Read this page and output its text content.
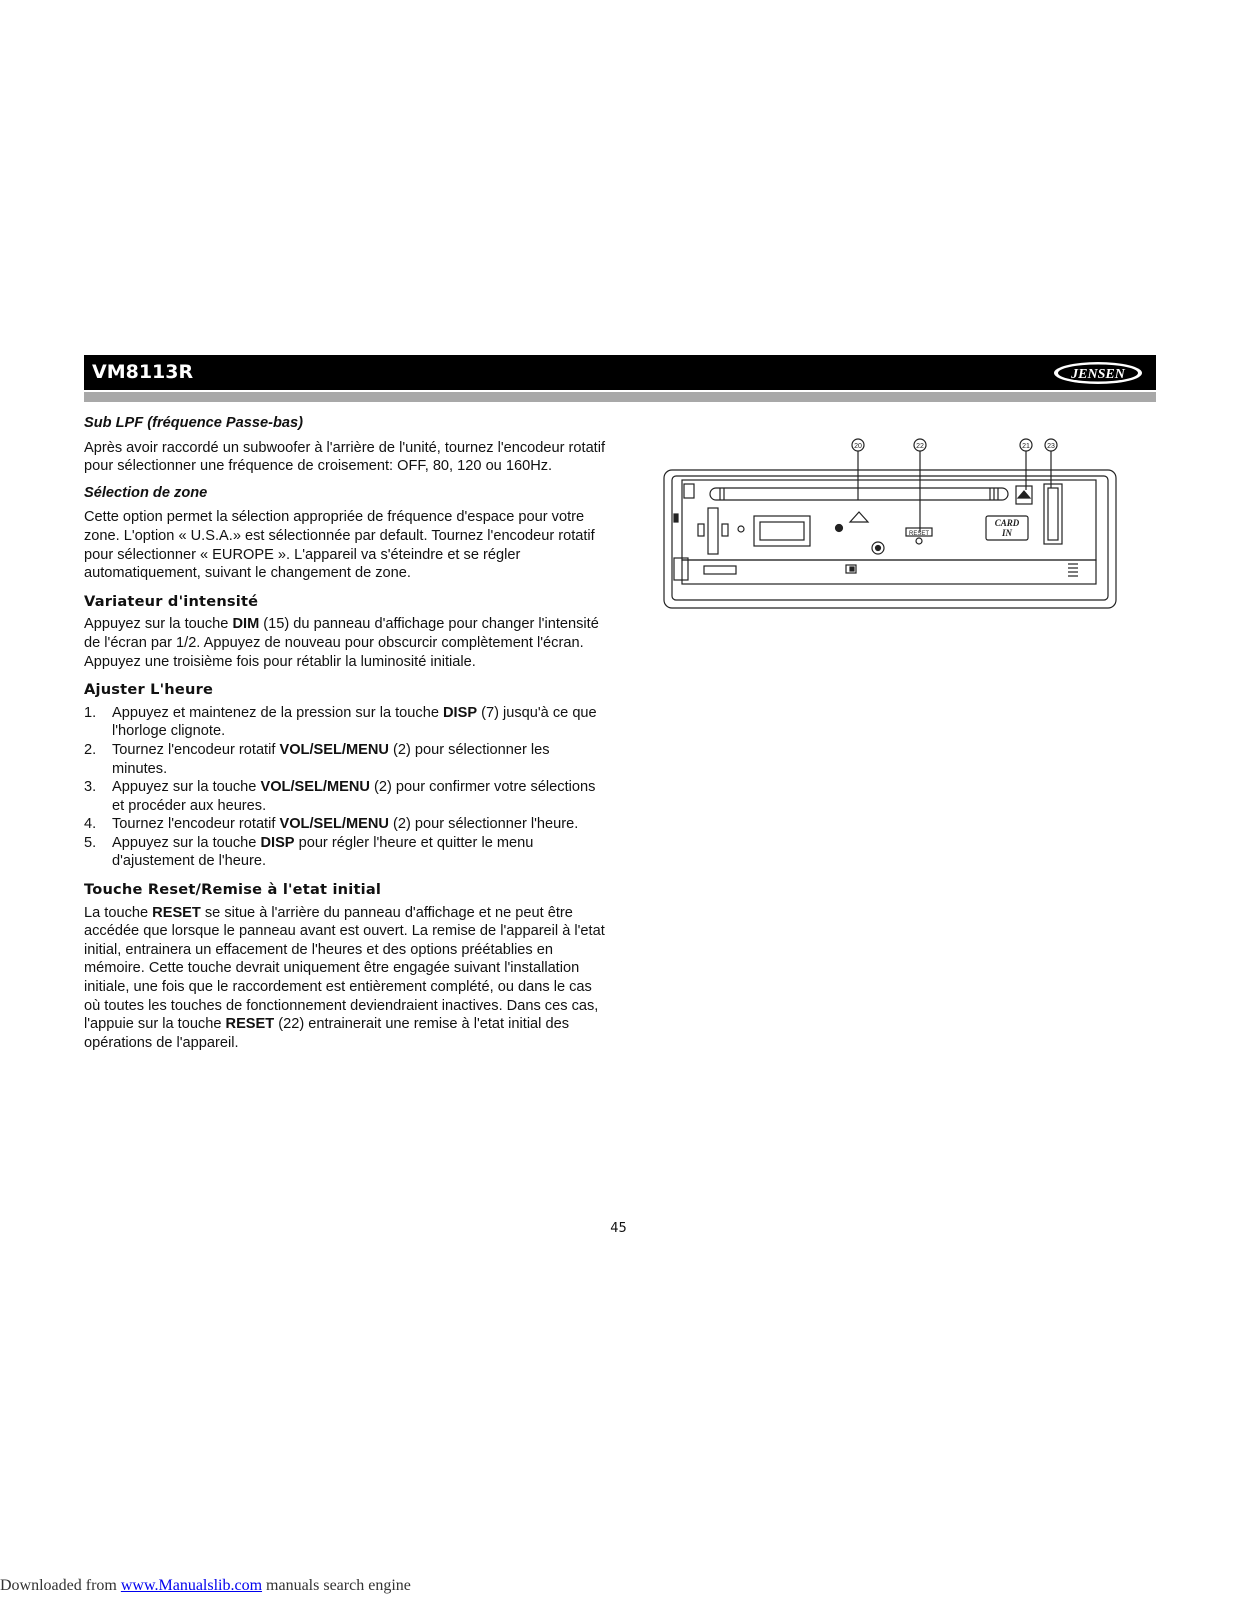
VM8113R	JENSEN
Sub LPF (fréquence Passe-bas)

Après avoir raccordé un subwoofer à l'arrière de l'unité, tournez l'encodeur rotatif pour sélectionner une fréquence de croisement: OFF, 80, 120 ou 160Hz.

Sélection de zone

Cette option permet la sélection appropriée de fréquence d'espace pour votre zone. L'option « U.S.A.» est sélectionnée par default. Tournez l'encodeur rotatif pour sélectionner « EUROPE ». L'appareil va s'éteindre et se régler automatiquement, suivant le changement de zone.

Variateur d'intensité

Appuyez sur la touche DIM (15) du panneau d'affichage pour changer l'intensité de l'écran par 1/2. Appuyez de nouveau pour obscurcir complètement l'écran. Appuyez une troisième fois pour rétablir la luminosité initiale.

Ajuster L'heure
1. Appuyez et maintenez de la pression sur la touche DISP (7) jusqu'à ce que l'horloge clignote.
2. Tournez l'encodeur rotatif VOL/SEL/MENU (2) pour sélectionner les minutes.
3. Appuyez sur la touche VOL/SEL/MENU (2) pour confirmer votre sélections et procéder aux heures.
4. Tournez l'encodeur rotatif VOL/SEL/MENU (2) pour sélectionner l'heure.
5. Appuyez sur la touche DISP pour régler l'heure et quitter le menu d'ajustement de l'heure.
Touche Reset/Remise à l'etat initial

La touche RESET se situe à l'arrière du panneau d'affichage et ne peut être accédée que lorsque le panneau avant est ouvert. La remise de l'appareil à l'etat initial, entrainera un effacement de l'heures et des options préétablies en mémoire. Cette touche devrait uniquement être engagée suivant l'installation initiale, une fois que le raccordement est entièrement complété, ou dans le cas où toutes les touches de fonctionnement deviendraient inactives. Dans ces cas, l'appuie sur la touche RESET (22) entrainerait une remise à l'etat initial des opérations de l'appareil.

20	22	21 23
RESET
CARD
IN
45
Downloaded from www.Manualslib.com manuals search engine
